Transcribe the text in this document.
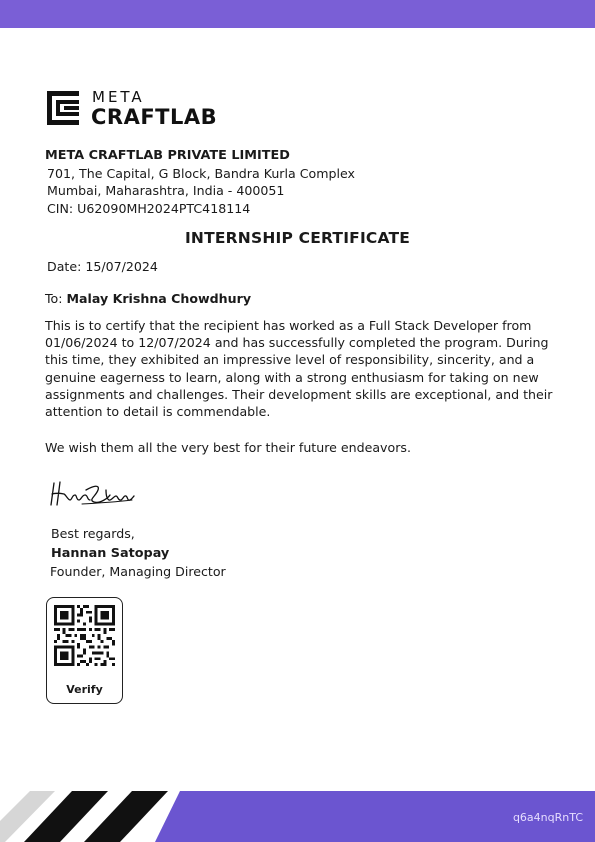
META
CRAFTLAB
META CRAFTLAB PRIVATE LIMITED
701, The Capital, G Block, Bandra Kurla Complex
Mumbai, Maharashtra, India - 400051
CIN: U62090MH2024PTC418114
INTERNSHIP CERTIFICATE
Date: 15/07/2024
To: Malay Krishna Chowdhury

This is to certify that the recipient has worked as a Full Stack Developer from 01/06/2024 to 12/07/2024 and has successfully completed the program. During this time, they exhibited an impressive level of responsibility, sincerity, and a genuine eagerness to learn, along with a strong enthusiasm for taking on new assignments and challenges. Their development skills are exceptional, and their attention to detail is commendable.

We wish them all the very best for their future endeavors.
Best regards,
Hannan Satopay
Founder, Managing Director
Verify
q6a4nqRnTC
